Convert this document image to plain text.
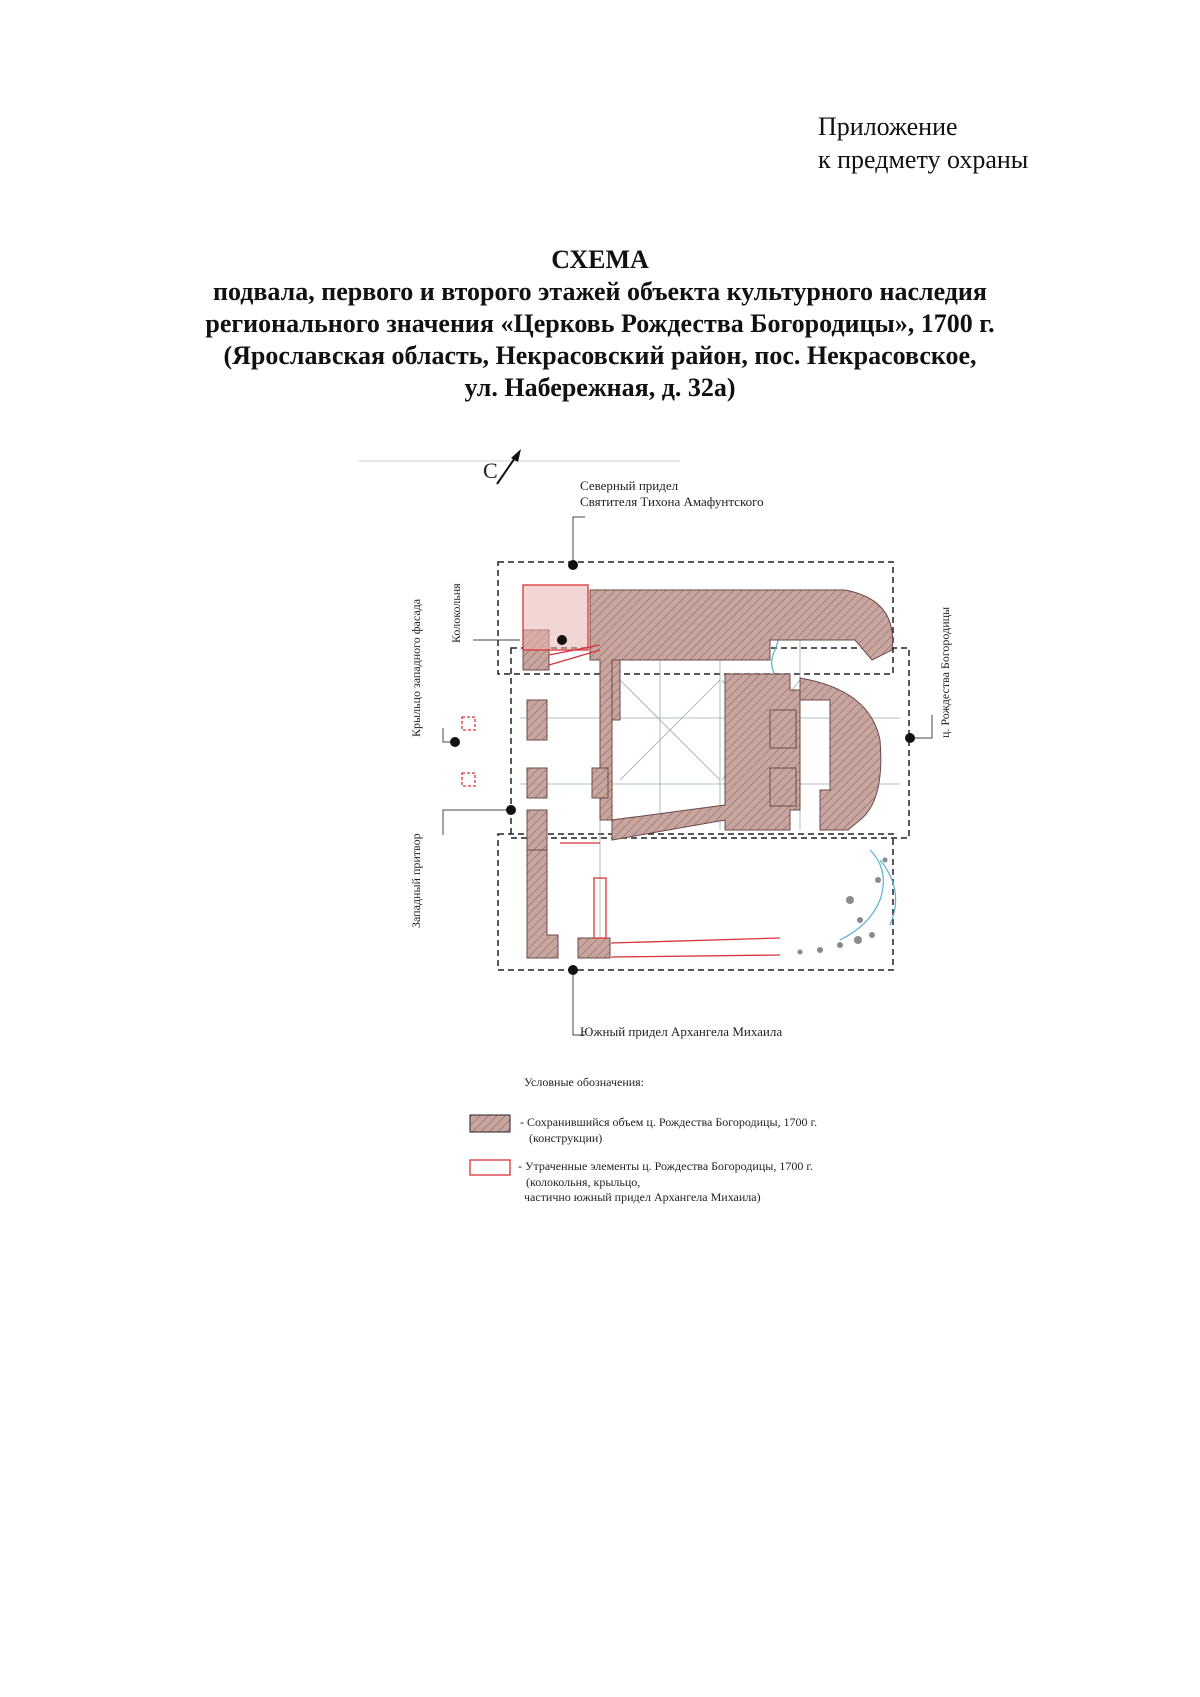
Приложение
к предмету охраны
СХЕМА
подвала, первого и второго этажей объекта культурного наследия
регионального значения «Церковь Рождества Богородицы», 1700 г.
(Ярославская область, Некрасовский район, пос. Некрасовское,
ул. Набережная, д. 32а)
С
Северный придел
Святителя Тихона Амафунтского
Южный придел Архангела Михаила
Крыльцо западного фасада Колокольня
Западный притвор
ц. Рождества Богородицы
Условные обозначения:
- Сохранившийся объем ц. Рождества Богородицы, 1700 г.
(конструкции)
- Утраченные элементы ц. Рождества Богородицы, 1700 г.
(колокольня, крыльцо,
частично южный придел Архангела Михаила)
